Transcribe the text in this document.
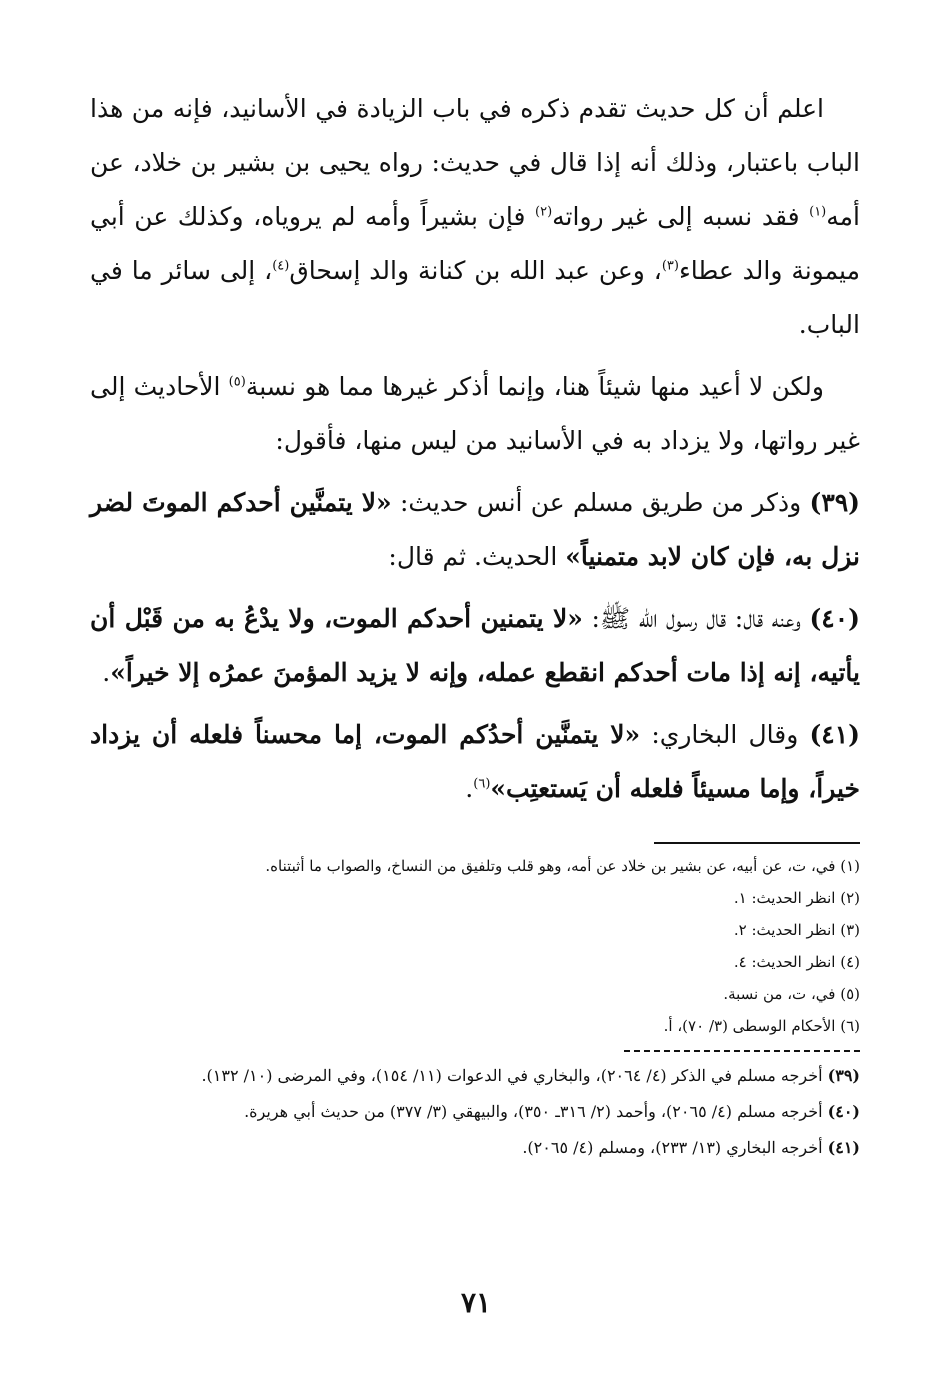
اعلم أن كل حديث تقدم ذكره في باب الزيادة في الأسانيد، فإنه من هذا الباب باعتبار، وذلك أنه إذا قال في حديث: رواه يحيى بن بشير بن خلاد، عن أمه$^{(١)}$ فقد نسبه إلى غير رواته$^{(٢)}$ فإن بشيراً وأمه لم يروياه، وكذلك عن أبي ميمونة والد عطاء$^{(٣)}$، وعن عبد الله بن كنانة والد إسحاق$^{(٤)}$، إلى سائر ما في الباب.

ولكن لا أعيد منها شيئاً هنا، وإنما أذكر غيرها مما هو نسبة$^{(٥)}$ الأحاديث إلى غير رواتها، ولا يزداد به في الأسانيد من ليس منها، فأقول:

(٣٩) وذكر من طريق مسلم عن أنس حديث: «لا يتمنَّين أحدكم الموتَ لضر نزل به، فإن كان لابد متمنياً» الحديث. ثم قال:

(٤٠) وعنه قال: قال رسول الله ﷺ: «لا يتمنين أحدكم الموت، ولا يدْعُ به من قَبْل أن يأتيه، إنه إذا مات أحدكم انقطع عمله، وإنه لا يزيد المؤمنَ عمرُه إلا خيراً».

(٤١) وقال البخاري: «لا يتمنَّين أحدُكم الموت، إما محسناً فلعله أن يزداد خيراً، وإما مسيئاً فلعله أن يَستعتِب»$^{(٦)}$.

(١) في، ت، عن أبيه، عن بشير بن خلاد عن أمه، وهو قلب وتلفيق من النساخ، والصواب ما أثبتناه.

(٢) انظر الحديث: ١.

(٣) انظر الحديث: ٢.

(٤) انظر الحديث: ٤.

(٥) في، ت، من نسبة.

(٦) الأحكام الوسطى (٣/ ٧٠)، أ.

(٣٩) أخرجه مسلم في الذكر (٤/ ٢٠٦٤)، والبخاري في الدعوات (١١/ ١٥٤)، وفي المرضى (١٠/ ١٣٢).

(٤٠) أخرجه مسلم (٤/ ٢٠٦٥)، وأحمد (٢/ ٣١٦ـ ٣٥٠)، والبيهقي (٣/ ٣٧٧) من حديث أبي هريرة.

(٤١) أخرجه البخاري (١٣/ ٢٣٣)، ومسلم (٤/ ٢٠٦٥).

٧١
